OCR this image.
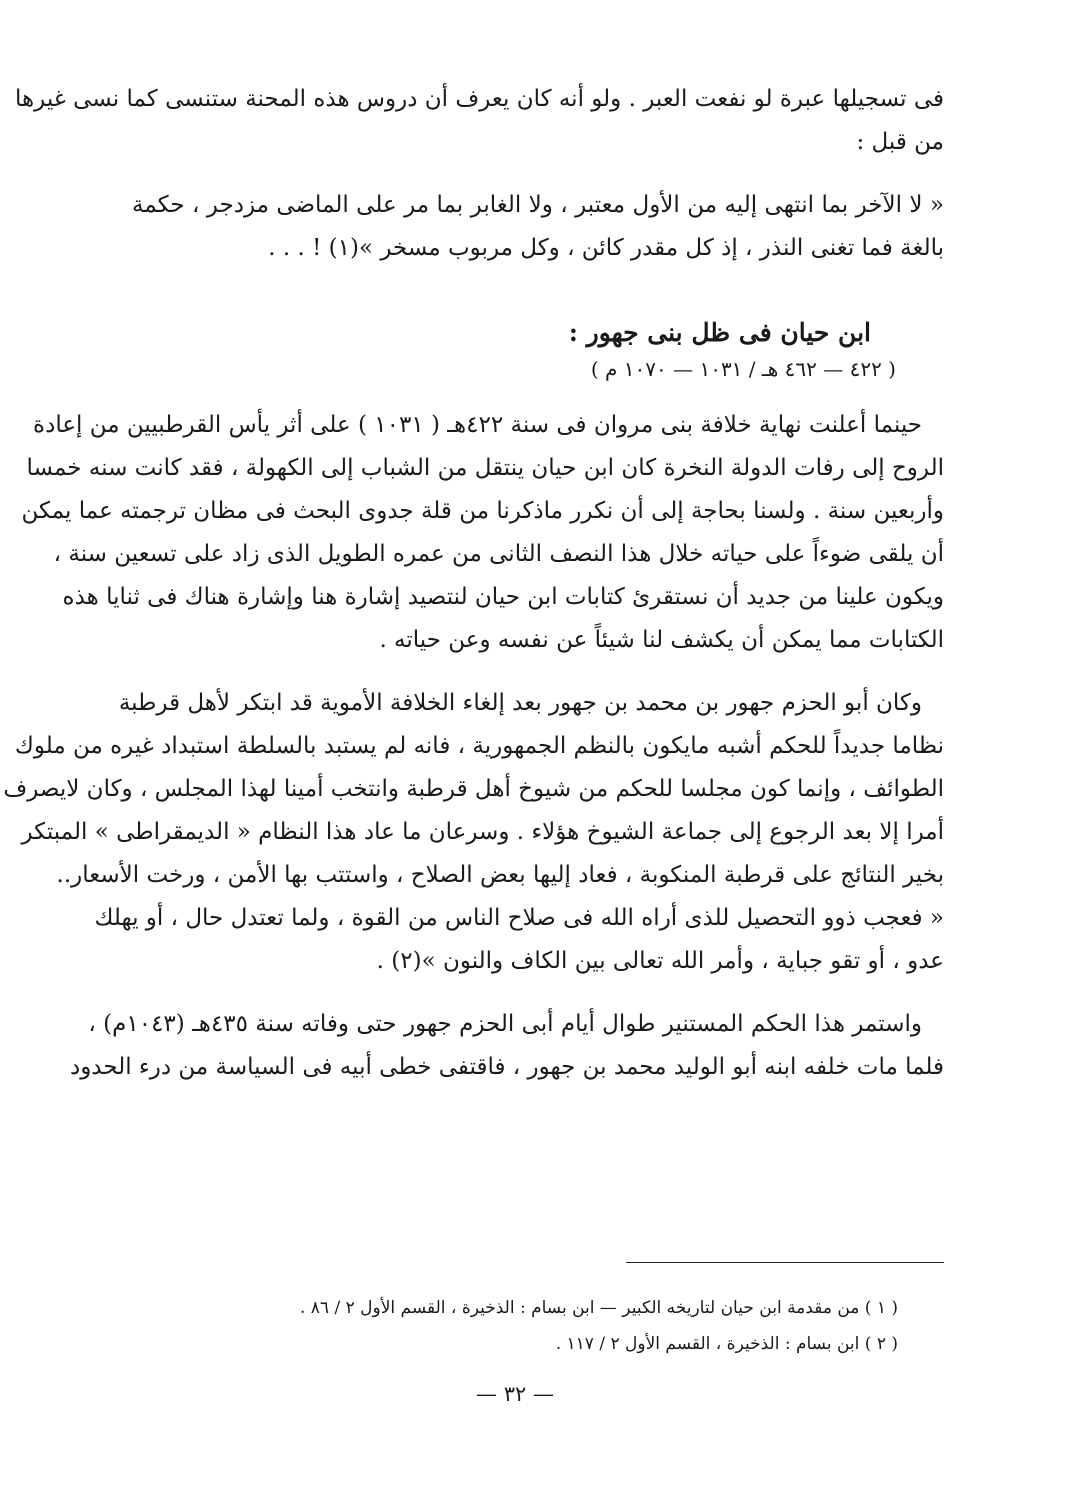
فى تسجيلها عبرة لو نفعت العبر . ولو أنه كان يعرف أن دروس هذه المحنة ستنسى كما نسى غيرها
من قبل :
« لا الآخر بما انتهى إليه من الأول معتبر ، ولا الغابر بما مر على الماضى مزدجر ، حكمة
بالغة فما تغنى النذر ، إذ كل مقدر كائن ، وكل مربوب مسخر »(١) ! . . .
ابن حيان فى ظل بنى جهور :
( ٤٢٢ — ٤٦٢ هـ / ١٠٣١ — ١٠٧٠ م )
حينما أعلنت نهاية خلافة بنى مروان فى سنة ٤٢٢هـ ( ١٠٣١ ) على أثر يأس القرطبيين من إعادة
الروح إلى رفات الدولة النخرة كان ابن حيان ينتقل من الشباب إلى الكهولة ، فقد كانت سنه خمسا
وأربعين سنة . ولسنا بحاجة إلى أن نكرر ماذكرنا من قلة جدوى البحث فى مظان ترجمته عما يمكن
أن يلقى ضوءاً على حياته خلال هذا النصف الثانى من عمره الطويل الذى زاد على تسعين سنة ،
ويكون علينا من جديد أن نستقرئ كتابات ابن حيان لنتصيد إشارة هنا وإشارة هناك فى ثنايا هذه
الكتابات مما يمكن أن يكشف لنا شيئاً عن نفسه وعن حياته .
وكان أبو الحزم جهور بن محمد بن جهور بعد إلغاء الخلافة الأموية قد ابتكر لأهل قرطبة
نظاما جديداً للحكم أشبه مايكون بالنظم الجمهورية ، فانه لم يستبد بالسلطة استبداد غيره من ملوك
الطوائف ، وإنما كون مجلسا للحكم من شيوخ أهل قرطبة وانتخب أمينا لهذا المجلس ، وكان لايصرف
أمرا إلا بعد الرجوع إلى جماعة الشيوخ هؤلاء . وسرعان ما عاد هذا النظام « الديمقراطى » المبتكر
بخير النتائج على قرطبة المنكوبة ، فعاد إليها بعض الصلاح ، واستتب بها الأمن ، ورخت الأسعار..
« فعجب ذوو التحصيل للذى أراه الله فى صلاح الناس من القوة ، ولما تعتدل حال ، أو يهلك
عدو ، أو تقو جباية ، وأمر الله تعالى بين الكاف والنون »(٢) .
واستمر هذا الحكم المستنير طوال أيام أبى الحزم جهور حتى وفاته سنة ٤٣٥هـ (١٠٤٣م) ،
فلما مات خلفه ابنه أبو الوليد محمد بن جهور ، فاقتفى خطى أبيه فى السياسة من درء الحدود
( ١ ) من مقدمة ابن حيان لتاريخه الكبير — ابن بسام : الذخيرة ، القسم الأول ٢ / ٨٦ .
( ٢ ) ابن بسام : الذخيرة ، القسم الأول ٢ / ١١٧ .
— ٣٢ —
